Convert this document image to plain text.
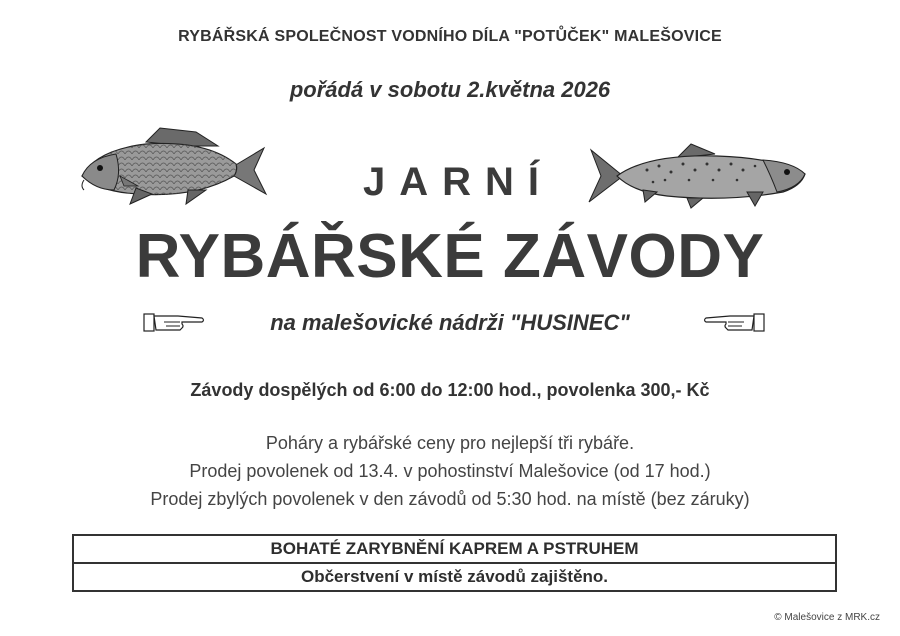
RYBÁŘSKÁ SPOLEČNOST VODNÍHO DÍLA "POTŮČEK" MALEŠOVICE
pořádá v sobotu 2.května 2026
JARNÍ
RYBÁŘSKÉ ZÁVODY
na malešovické nádrži "HUSINEC"
Závody dospělých od 6:00 do 12:00 hod., povolenka 300,- Kč
Poháry a rybářské ceny pro nejlepší tři rybáře.
Prodej povolenek od 13.4. v pohostinství Malešovice (od 17 hod.)
Prodej zbylých povolenek v den závodů od 5:30 hod. na místě (bez záruky)
BOHATÉ ZARYBNĚNÍ KAPREM A PSTRUHEM
Občerstvení v místě závodů zajištěno.
© Malešovice z MRK.cz
